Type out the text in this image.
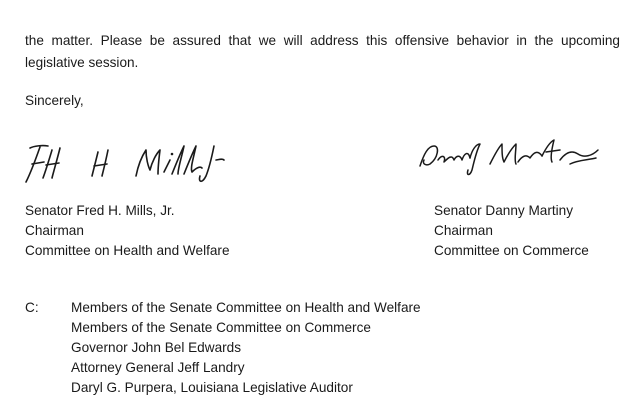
the matter. Please be assured that we will address this offensive behavior in the upcoming legislative session.
Sincerely,
Senator Fred H. Mills, Jr.
Chairman
Committee on Health and Welfare
Senator Danny Martiny
Chairman
Committee on Commerce
C: Members of the Senate Committee on Health and Welfare
Members of the Senate Committee on Commerce
Governor John Bel Edwards
Attorney General Jeff Landry
Daryl G. Purpera, Louisiana Legislative Auditor
